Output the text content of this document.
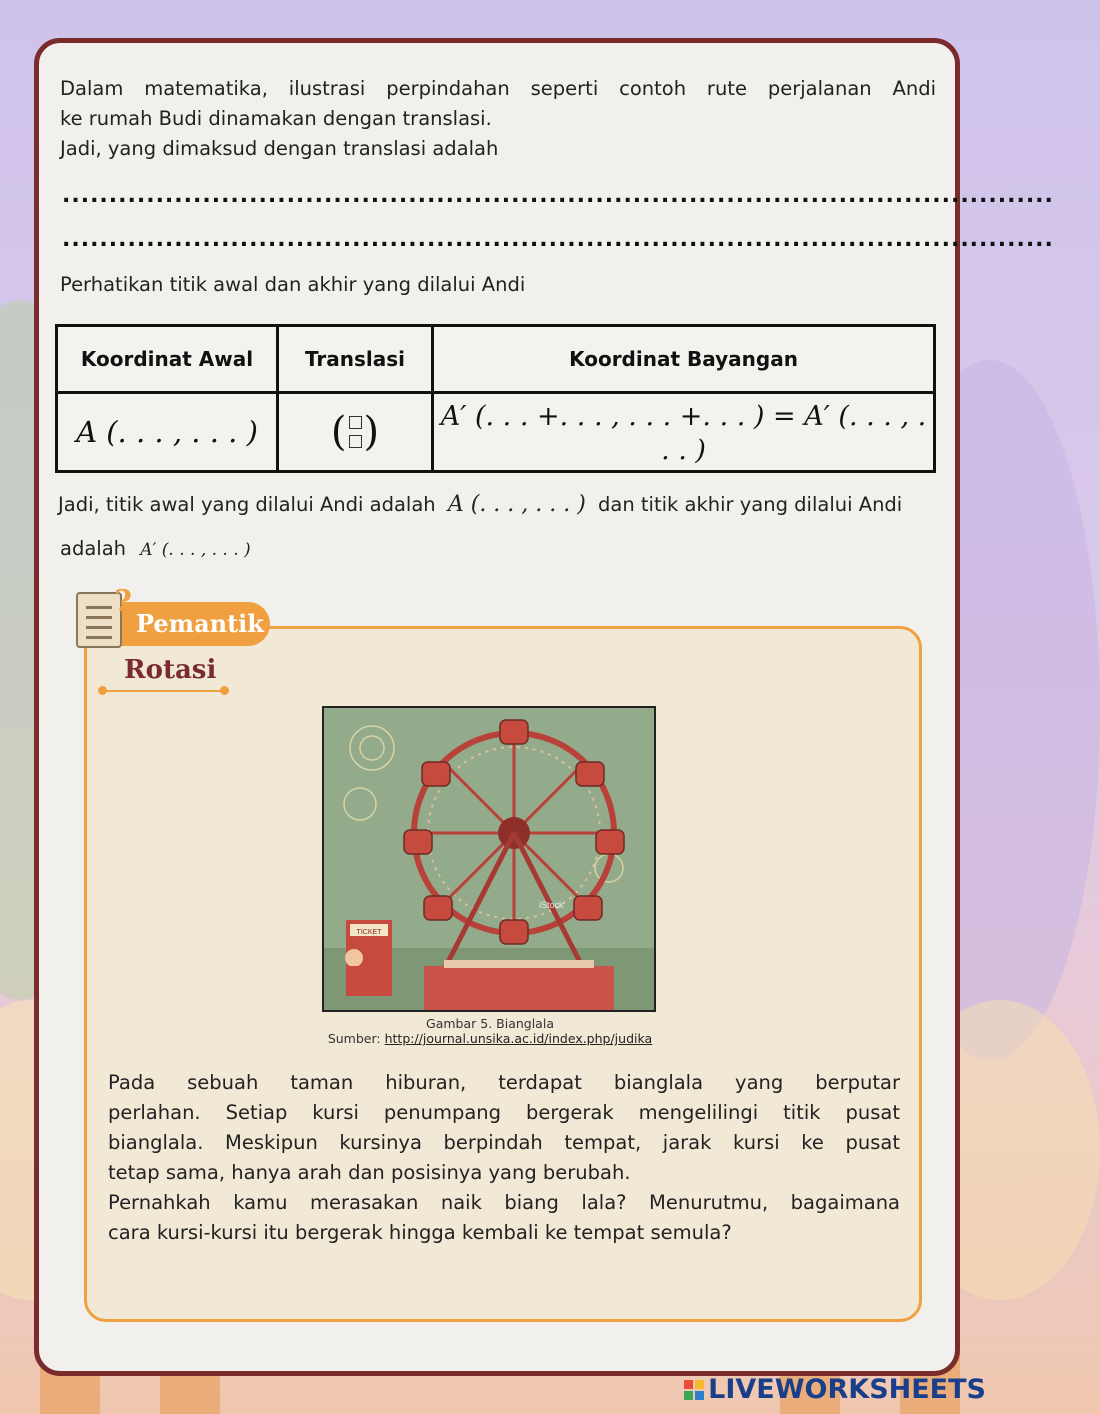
Dalam matematika, ilustrasi perpindahan seperti contoh rute perjalanan Andi
ke rumah Budi dinamakan dengan translasi.
Jadi, yang dimaksud dengan translasi adalah
..........................................................................................................
..........................................................................................................
Perhatikan titik awal dan akhir yang dilalui Andi
Koordinat Awal	Translasi	Koordinat Bayangan
A (. . . , . . . )	( )	A′ (. . . +. . . , . . . +. . . ) = A′ (. . . , . . . )
Jadi, titik awal yang dilalui Andi adalah A (. . . , . . . ) dan titik akhir yang dilalui Andi
adalah A′ (. . . , . . . )
Pemantik
?
Rotasi
TICKET
iStock
Gambar 5. Bianglala
Sumber: http://journal.unsika.ac.id/index.php/judika
Pada sebuah taman hiburan, terdapat bianglala yang berputar
perlahan. Setiap kursi penumpang bergerak mengelilingi titik pusat
bianglala. Meskipun kursinya berpindah tempat, jarak kursi ke pusat
tetap sama, hanya arah dan posisinya yang berubah.
Pernahkah kamu merasakan naik biang lala? Menurutmu, bagaimana
cara kursi-kursi itu bergerak hingga kembali ke tempat semula?
LIVEWORKSHEETS
